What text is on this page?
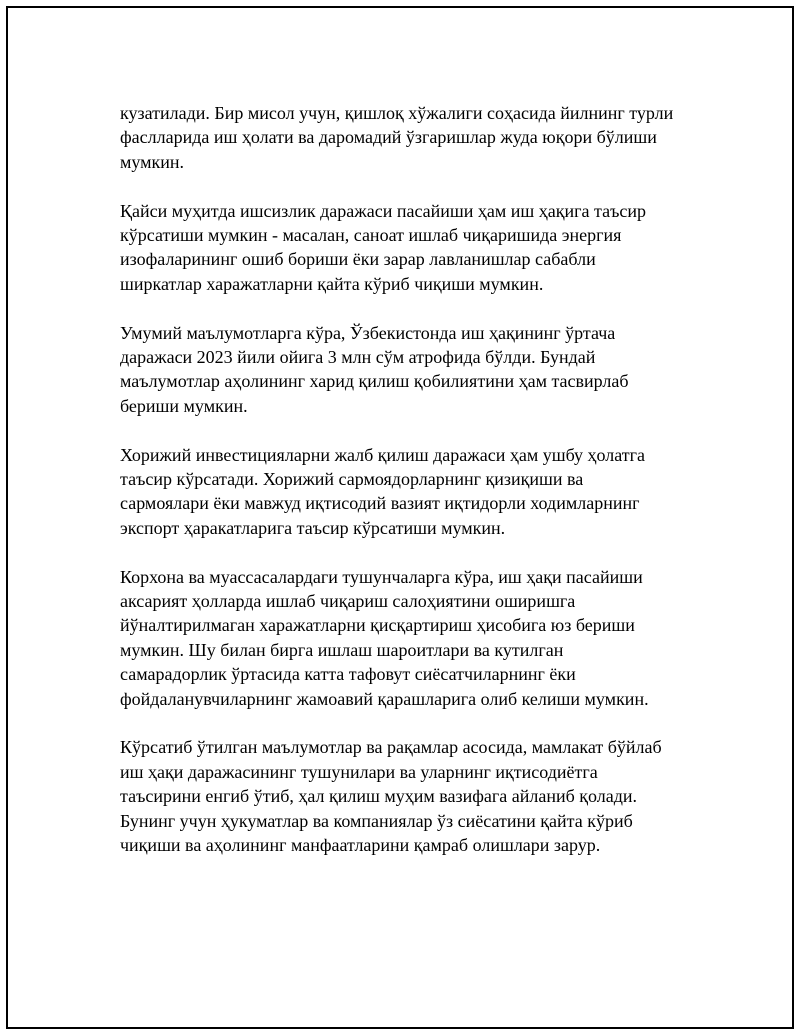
кузатилади. Бир мисол учун, қишлоқ хўжалиги соҳасида йилнинг турли
фаслларида иш ҳолати ва даромадий ўзгаришлар жуда юқори бўлиши
мумкин.

Қайси муҳитда ишсизлик даражаси пасайиши ҳам иш ҳақига таъсир
кўрсатиши мумкин - масалан, саноат ишлаб чиқаришида энергия
изофаларининг ошиб бориши ёки зарар лавланишлар сабабли
ширкатлар харажатларни қайта кўриб чиқиши мумкин.

Умумий маълумотларга кўра, Ўзбекистонда иш ҳақининг ўртача
даражаси 2023 йили ойига 3 млн сўм атрофида бўлди. Бундай
маълумотлар аҳолининг харид қилиш қобилиятини ҳам тасвирлаб
бериши мумкин.

Хорижий инвестицияларни жалб қилиш даражаси ҳам ушбу ҳолатга
таъсир кўрсатади. Хорижий сармоядорларнинг қизиқиши ва
сармоялари ёки мавжуд иқтисодий вазият иқтидорли ходимларнинг
экспорт ҳаракатларига таъсир кўрсатиши мумкин.

Корхона ва муассасалардаги тушунчаларга кўра, иш ҳақи пасайиши
аксарият ҳолларда ишлаб чиқариш салоҳиятини оширишга
йўналтирилмаган харажатларни қисқартириш ҳисобига юз бериши
мумкин. Шу билан бирга ишлаш шароитлари ва кутилган
самарадорлик ўртасида катта тафовут сиёсатчиларнинг ёки
фойдаланувчиларнинг жамоавий қарашларига олиб келиши мумкин.

Кўрсатиб ўтилган маълумотлар ва рақамлар асосида, мамлакат бўйлаб
иш ҳақи даражасининг тушунилари ва уларнинг иқтисодиётга
таъсирини енгиб ўтиб, ҳал қилиш муҳим вазифага айланиб қолади.
Бунинг учун ҳукуматлар ва компаниялар ўз сиёсатини қайта кўриб
чиқиши ва аҳолининг манфаатларини қамраб олишлари зарур.
